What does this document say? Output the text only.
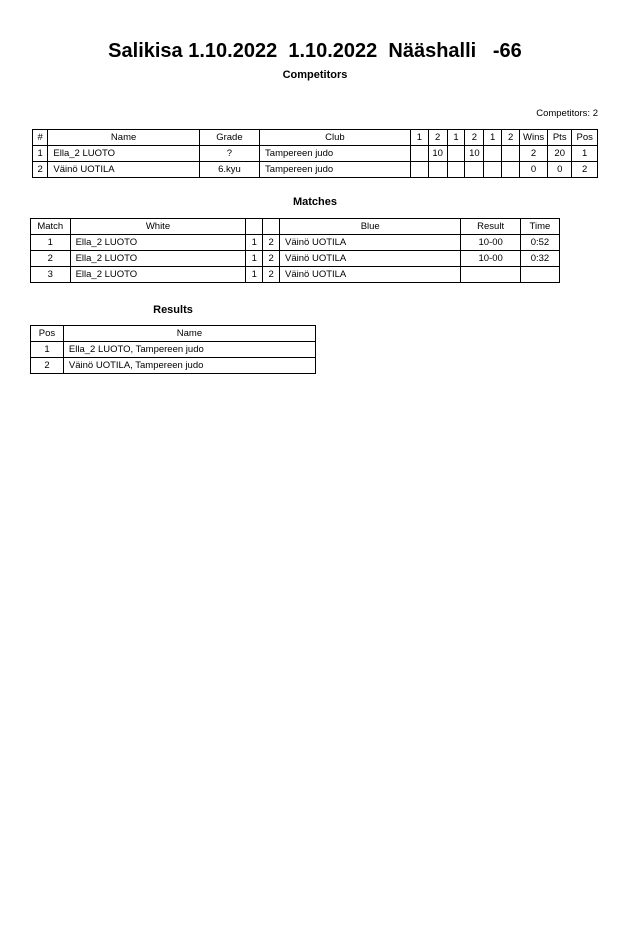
Salikisa 1.10.2022  1.10.2022  Nääshalli   -66
Competitors
Competitors: 2
#	Name	Grade	Club	1	2	1	2	1	2	Wins	Pts	Pos
1	Ella_2 LUOTO	?	Tampereen judo		10		10			2	20	1
2	Väinö UOTILA	6.kyu	Tampereen judo							0	0	2
Matches
Match	White			Blue	Result	Time
1	Ella_2 LUOTO	1	2	Väinö UOTILA	10-00	0:52
2	Ella_2 LUOTO	1	2	Väinö UOTILA	10-00	0:32
3	Ella_2 LUOTO	1	2	Väinö UOTILA		
Results
Pos	Name
1	Ella_2 LUOTO, Tampereen judo
2	Väinö UOTILA, Tampereen judo
